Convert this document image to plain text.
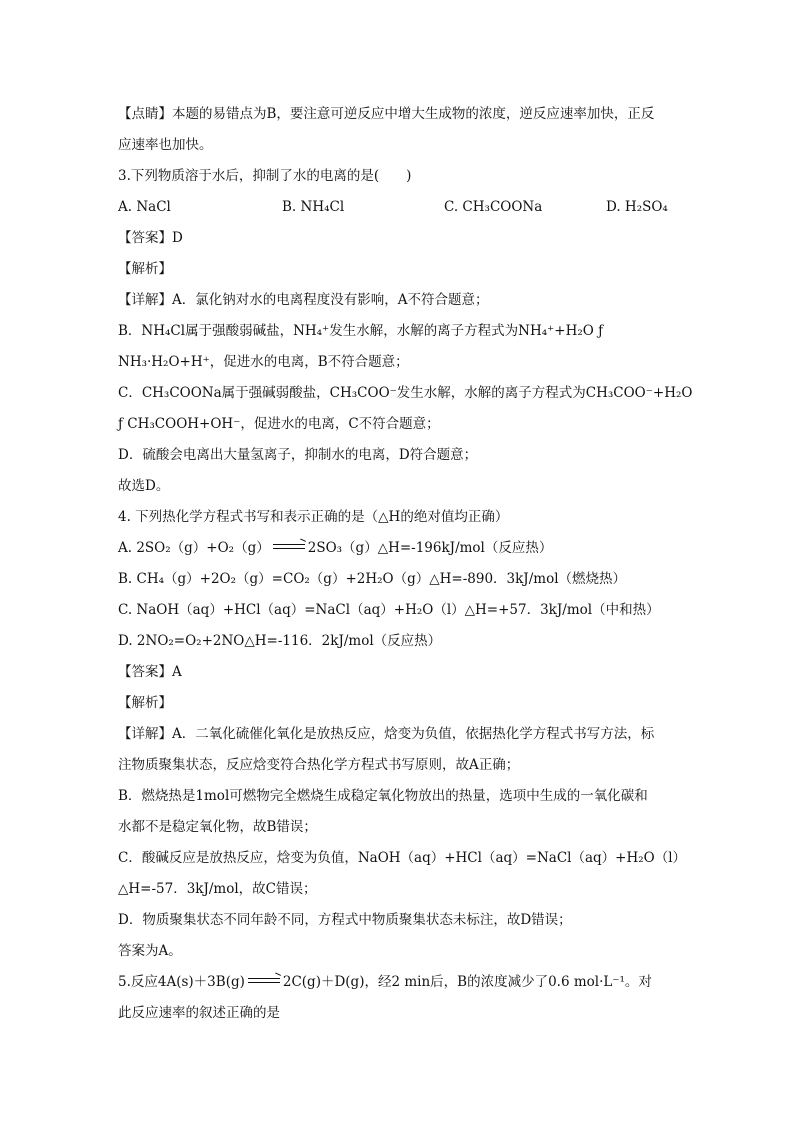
【点睛】本题的易错点为B，要注意可逆反应中增大生成物的浓度，逆反应速率加快，正反
应速率也加快。
3.下列物质溶于水后，抑制了水的电离的是(　　)
A. NaCl	B. NH₄Cl	C. CH₃COONa	D. H₂SO₄
【答案】D
【解析】
【详解】A．氯化钠对水的电离程度没有影响，A不符合题意；
B．NH₄Cl属于强酸弱碱盐，NH₄⁺发生水解，水解的离子方程式为NH₄⁺+H₂O ƒ
NH₃·H₂O+H⁺，促进水的电离，B不符合题意；
C．CH₃COONa属于强碱弱酸盐，CH₃COO⁻发生水解，水解的离子方程式为CH₃COO⁻+H₂O
ƒ CH₃COOH+OH⁻，促进水的电离，C不符合题意；
D．硫酸会电离出大量氢离子，抑制水的电离，D符合题意；
故选D。
4. 下列热化学方程式书写和表示正确的是（△H的绝对值均正确）
A. 2SO₂（g）+O₂（g） → 2SO₃（g）△H=-196kJ/mol（反应热）
B. CH₄（g）+2O₂（g）=CO₂（g）+2H₂O（g）△H=-890．3kJ/mol（燃烧热）
C. NaOH（aq）+HCl（aq）=NaCl（aq）+H₂O（l）△H=+57．3kJ/mol（中和热）
D. 2NO₂=O₂+2NO△H=-116．2kJ/mol（反应热）
【答案】A
【解析】
【详解】A．二氧化硫催化氧化是放热反应，焓变为负值，依据热化学方程式书写方法，标
注物质聚集状态，反应焓变符合热化学方程式书写原则，故A正确；
B．燃烧热是1mol可燃物完全燃烧生成稳定氧化物放出的热量，选项中生成的一氧化碳和
水都不是稳定氧化物，故B错误；
C．酸碱反应是放热反应，焓变为负值，NaOH（aq）+HCl（aq）=NaCl（aq）+H₂O（l）
△H=-57．3kJ/mol，故C错误；
D．物质聚集状态不同年龄不同，方程式中物质聚集状态未标注，故D错误；
答案为A。
5.反应4A(s)＋3B(g) → 2C(g)＋D(g)，经2 min后，B的浓度减少了0.6 mol·L⁻¹。对
此反应速率的叙述正确的是
